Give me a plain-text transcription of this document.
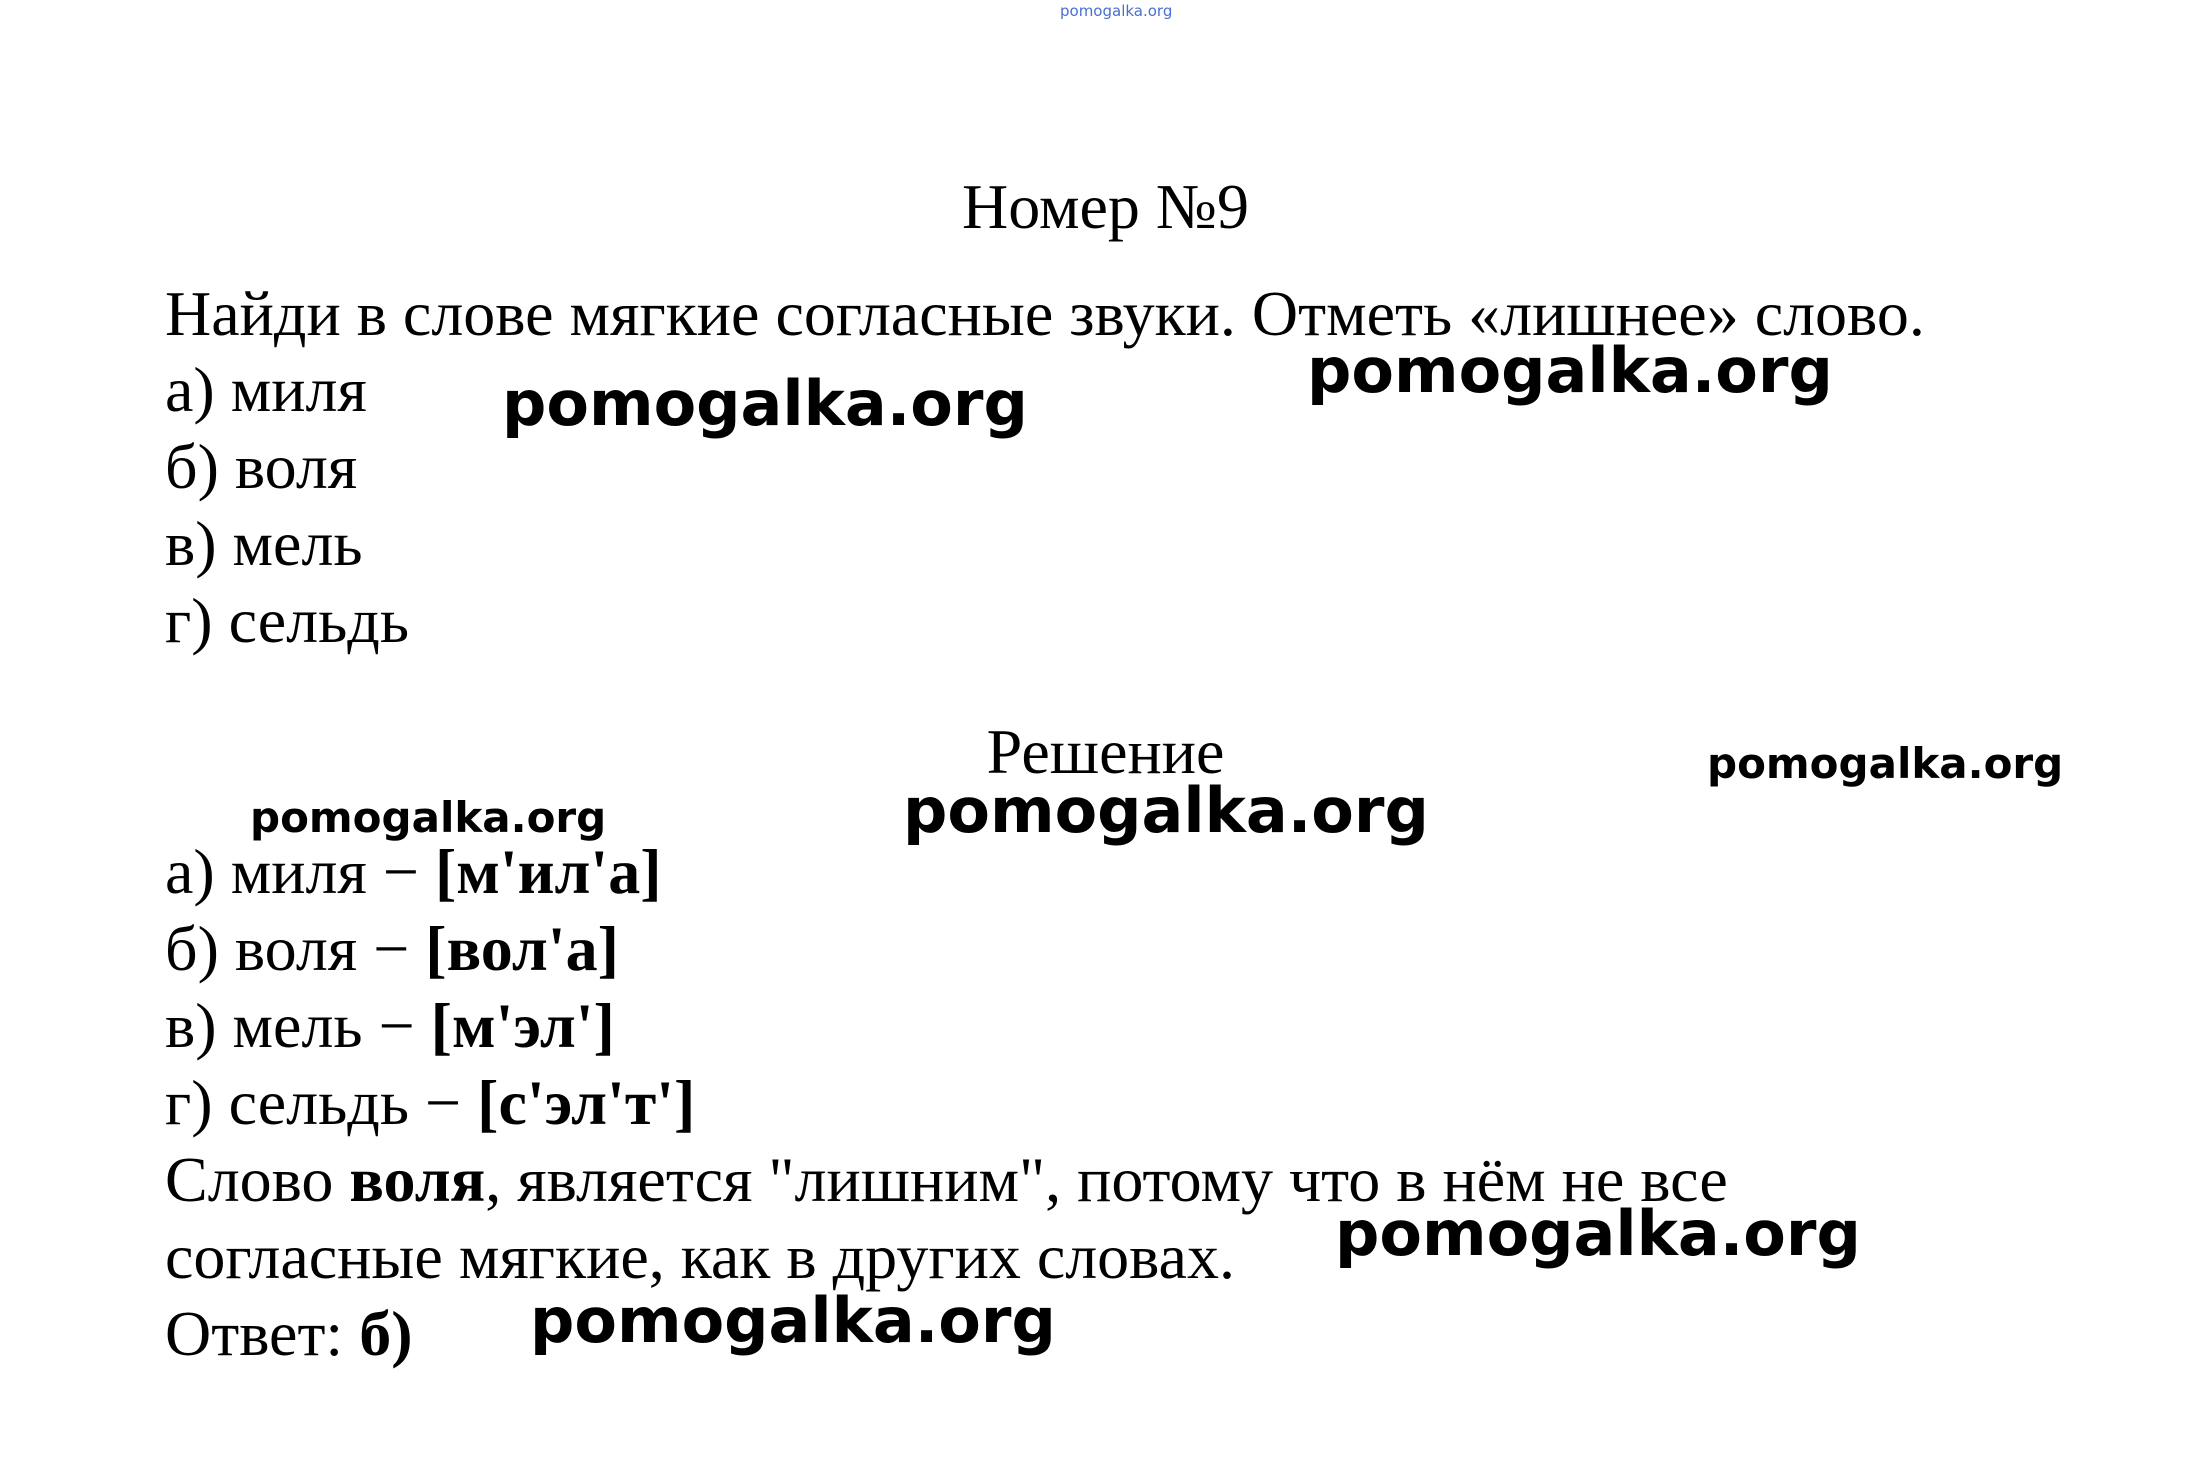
pomogalka.org
Номер №9
Найди в слове мягкие согласные звуки. Отметь «лишнее» слово.
а) миля
б) воля
в) мель
г) сельдь
Решение
а) миля − [м'ил'а]
б) воля − [вол'а]
в) мель − [м'эл']
г) сельдь − [с'эл'т']
Слово воля, является "лишним", потому что в нём не все
согласные мягкие, как в других словах.
Ответ: б)
pomogalka.org	pomogalka.org
pomogalka.org
pomogalka.org	pomogalka.org
pomogalka.org
pomogalka.org
